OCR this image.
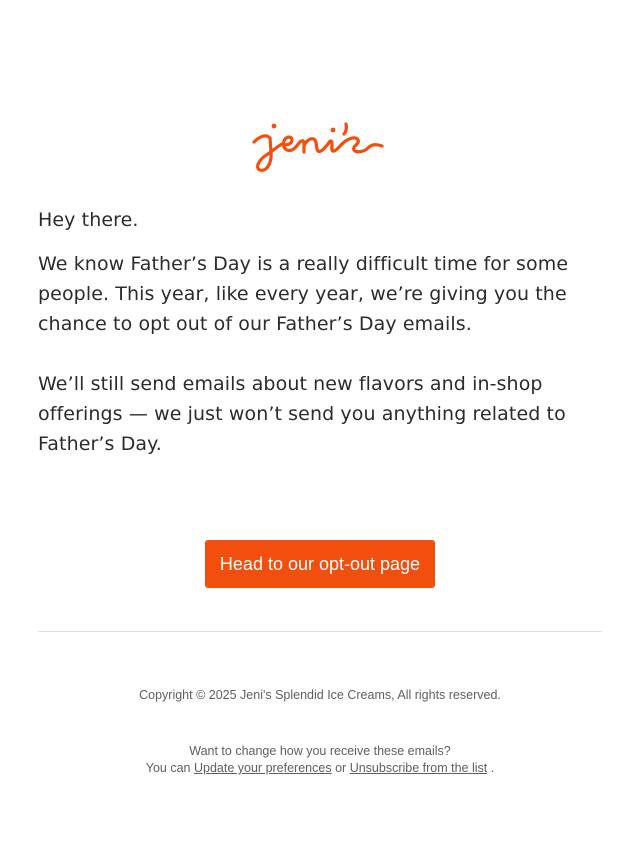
Hey there.

We know Father’s Day is a really difficult time for some people. This year, like every year, we’re giving you the chance to opt out of our Father’s Day emails.

We’ll still send emails about new flavors and in-shop offerings — we just won’t send you anything related to Father’s Day.

Head to our opt-out page
Copyright © 2025 Jeni's Splendid Ice Creams, All rights reserved.
Want to change how you receive these emails?
You can Update your preferences or Unsubscribe from the list .
